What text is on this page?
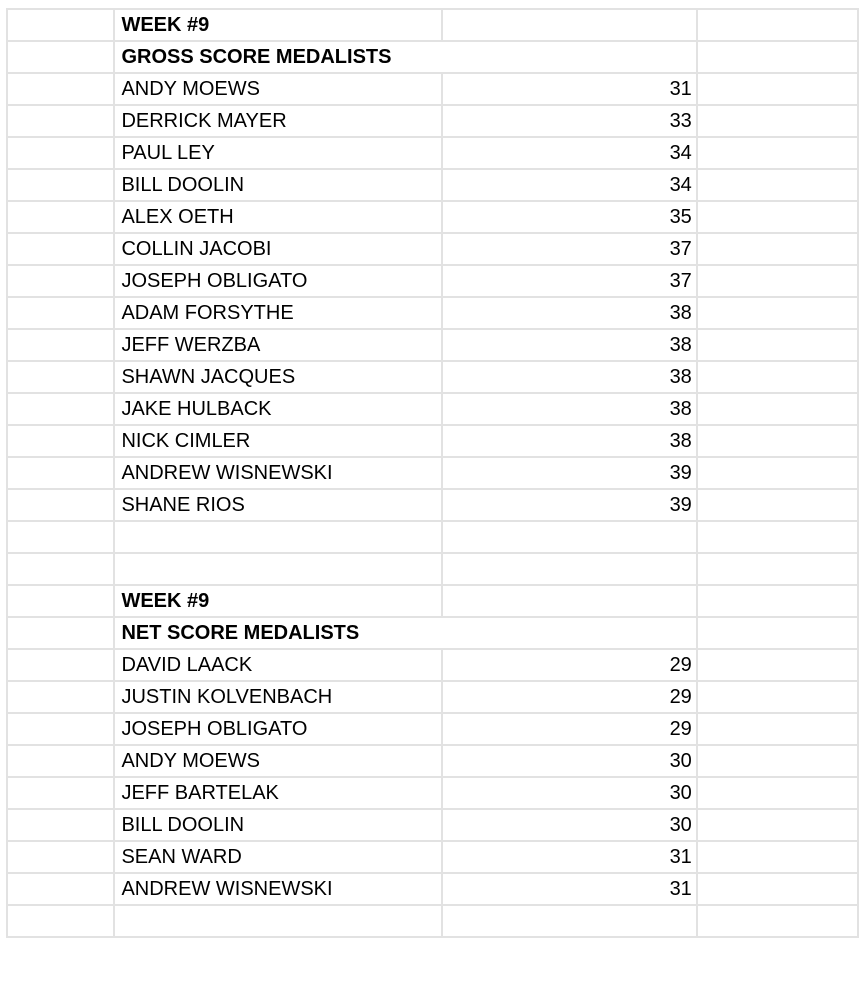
	WEEK #9		
	GROSS SCORE MEDALISTS		
	ANDY MOEWS	31	
	DERRICK MAYER	33	
	PAUL LEY	34	
	BILL DOOLIN	34	
	ALEX OETH	35	
	COLLIN JACOBI	37	
	JOSEPH OBLIGATO	37	
	ADAM FORSYTHE	38	
	JEFF WERZBA	38	
	SHAWN JACQUES	38	
	JAKE HULBACK	38	
	NICK CIMLER	38	
	ANDREW WISNEWSKI	39	
	SHANE RIOS	39	

	WEEK #9		
	NET SCORE MEDALISTS		
	DAVID LAACK	29	
	JUSTIN KOLVENBACH	29	
	JOSEPH OBLIGATO	29	
	ANDY MOEWS	30	
	JEFF BARTELAK	30	
	BILL DOOLIN	30	
	SEAN WARD	31	
	ANDREW WISNEWSKI	31	
